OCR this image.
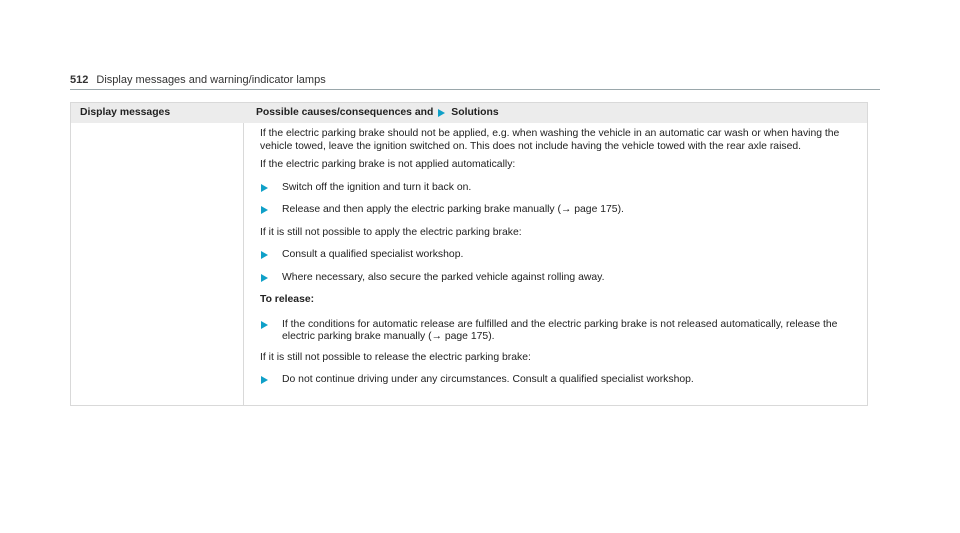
512 Display messages and warning/indicator lamps
Display messages	Possible causes/consequences and Solutions

If the electric parking brake should not be applied, e.g. when washing the vehicle in an automatic car wash or when having the vehicle towed, leave the ignition switched on. This does not include having the vehicle towed with the rear axle raised.

If the electric parking brake is not applied automatically:

Switch off the ignition and turn it back on.
Release and then apply the electric parking brake manually (→ page 175).

If it is still not possible to apply the electric parking brake:

Consult a qualified specialist workshop.
Where necessary, also secure the parked vehicle against rolling away.

To release:

If the conditions for automatic release are fulfilled and the electric parking brake is not released automatically, release the electric parking brake manually (→ page 175).

If it is still not possible to release the electric parking brake:

Do not continue driving under any circumstances. Consult a qualified specialist workshop.
